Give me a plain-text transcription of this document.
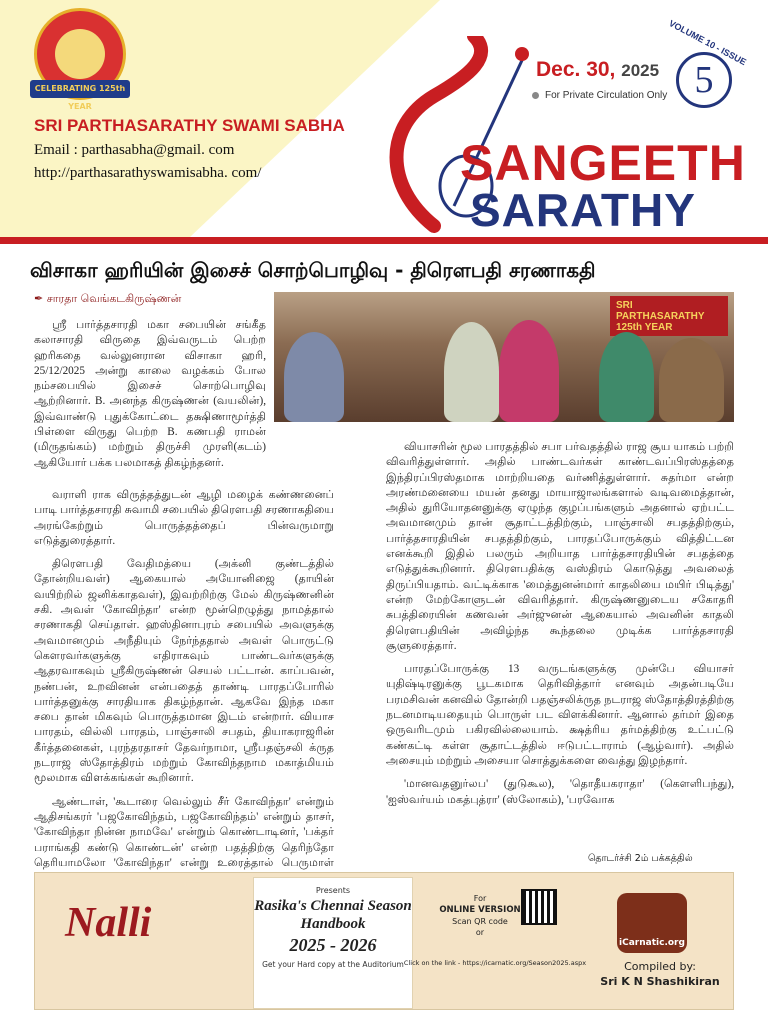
CELEBRATING 125th YEAR
SRI PARTHASARATHY SWAMI SABHA
Email : parthasabha@gmail. com
http://parthasarathyswamisabha. com/
Dec. 30, 2025
For Private Circulation Only
VOLUME 10 - ISSUE
5
SANGEETH
SARATHY
விசாகா ஹரியின் இசைச் சொற்பொழிவு - திரௌபதி சரணாகதி
✒ சாரதா வெங்கடகிருஷ்ணன்
SRI PARTHASARATHY 125th YEAR

ஸ்ரீ பார்த்தசாரதி மகா சபையின் சங்கீத கலாசாரதி விருதை இவ்வருடம் பெற்ற ஹரிகதை வல்லுனரான விசாகா ஹரி, 25/12/2025 அன்று காலை வழக்கம் போல நம்சபையில் இசைச் சொற்பொழிவு ஆற்றினார். B. அனந்த கிருஷ்ணன் (வயலின்), இவ்வாண்டு புதுக்கோட்டை தக்ஷிணாமூர்த்தி பிள்ளை விருது பெற்ற B. கணபதி ராமன் (மிருதங்கம்) மற்றும் திருச்சி முரளி(கடம்) ஆகியோர் பக்க பலமாகத் திகழ்ந்தனர்.

வராளி ராக விருத்தத்துடன் ஆழி மழைக் கண்ணனைப் பாடி பார்த்தசாரதி சுவாமி சபையில் திரௌபதி சரணாகதியை அரங்கேற்றும் பொருத்தத்தைப் பின்வருமாறு எடுத்துரைத்தார்.

திரௌபதி வேதிமத்யை (அக்னி குண்டத்தில் தோன்றியவள்) ஆகையால் அயோனிஜை (தாயின் வயிற்றில் ஜனிக்காதவள்), இவற்றிற்கு மேல் கிருஷ்ணனின் சகி. அவள் 'கோவிந்தா' என்ற மூன்றெழுத்து நாமத்தால் சரணாகதி செய்தாள். ஹஸ்தினாபுரம் சபையில் அவளுக்கு அவமானமும் அநீதியும் நேர்ந்ததால் அவள் பொருட்டு கௌரவர்களுக்கு எதிராகவும் பாண்டவர்களுக்கு ஆதரவாகவும் ஸ்ரீகிருஷ்ணன் செயல் பட்டான். காப்பவன், நண்பன், உறவினன் என்பதைத் தாண்டி பாரதப்போரில் பார்த்தனுக்கு சாரதியாக திகழ்ந்தான். ஆகவே இந்த மகா சபை தான் மிகவும் பொருத்தமான இடம் என்றார். வியாச பாரதம், வில்லி பாரதம், பாஞ்சாலி சபதம், தியாகராஜரின் கீர்த்தனைகள், புரந்தரதாசர் தேவர்நாமா, ஸ்ரீபதஞ்சலி க்ருத நடராஜ ஸ்தோத்திரம் மற்றும் கோவிந்தநாம மகாத்மியம் மூலமாக விளக்கங்கள் கூறினார்.

ஆண்டாள், 'கூடாரை வெல்லும் சீர் கோவிந்தா' என்றும் ஆதிசங்கரர் 'பஜகோவிந்தம், பஜகோவிந்தம்' என்றும் தாசர், 'கோவிந்தா நின்ன நாமவே' என்றும் கொண்டாடினர், 'பக்தர் பராங்கதி கண்டு கொண்டன்' என்ற பதத்திற்கு தெரிந்தோ தெரியாமலோ 'கோவிந்தா' என்று உரைத்தால் பெருமாள்

வியாசரின் மூல பாரதத்தில் சபா பர்வதத்தில் ராஜ சூய யாகம் பற்றி விவரித்துள்ளார். அதில் பாண்டவர்கள் காண்டவப்பிரஸ்தத்தை இந்திரப்பிரஸ்தமாக மாற்றியதை வர்ணித்துள்ளார். சுதர்மா என்ற அரண்மனையை மயன் தனது மாயாஜாலங்களால் வடிவமைத்தான், அதில் துரியோதனனுக்கு ஏழுந்த குழப்பங்களும் அதனால் ஏற்பட்ட அவமானமும் தான் சூதாட்டத்திற்கும், பாஞ்சாலி சபதத்திற்கும், பார்த்தசாரதியின் சபதத்திற்கும், பாரதப்போருக்கும் வித்திட்டன எனக்கூறி இதில் பலரும் அறியாத பார்த்தசாரதியின் சபதத்தை எடுத்துக்கூறினார். திரௌபதிக்கு வஸ்திரம் கொடுத்து அவலைத் திருப்பியதாம். வட்டிக்காக 'மைத்துனன்மார் காதலியை மயிர் பிடித்து' என்ற மேற்கோளுடன் விவரித்தார். கிருஷ்ணனுடைய சகோதரி சுபத்திரையின் கணவன் அர்ஜுனன் ஆகையால் அவனின் காதலி திரௌபதியின் அவிழ்ந்த கூந்தலை முடிக்க பார்த்தசாரதி சூளுரைத்தார்.

பாரதப்போருக்கு 13 வருடங்களுக்கு முன்பே வியாசர் யுதிஷ்டிரனுக்கு பூடகமாக தெரிவித்தார் எனவும் அதன்படியே பரமசிவன் கனவில் தோன்றி பதஞ்சலிக்ருத நடராஜ ஸ்தோத்திரத்திற்கு நடனமாடியதையும் பொருள் பட விளக்கினார். ஆனால் தர்மர் இதை ஒருவரிடமும் பகிரவில்லையாம். க்ஷத்ரிய தர்மத்திற்கு உட்பட்டு கண்கட்டி கள்ள சூதாட்டத்தில் ஈடுபட்டாராம் (ஆழ்வார்). அதில் அசையும் மற்றும் அசையா சொத்துக்களை வைத்து இழந்தார்.

'மானவதனுர்லப' (துடுகூல), 'தொதீயகராதா' (கௌளிபந்து), 'ஐஸ்வர்யம் மகத்புத்ரா' (ஸ்லோகம்), 'பரவோக

தொடர்ச்சி 2ம் பக்கத்தில்
Nalli
Presents
Rasika's Chennai Season Handbook
2025 - 2026
Get your Hard copy at the Auditorium
For
ONLINE VERSION
Scan QR code
or
Click on the link - https://icarnatic.org/Season2025.aspx
iCarnatic.org
Compiled by:
Sri K N Shashikiran
